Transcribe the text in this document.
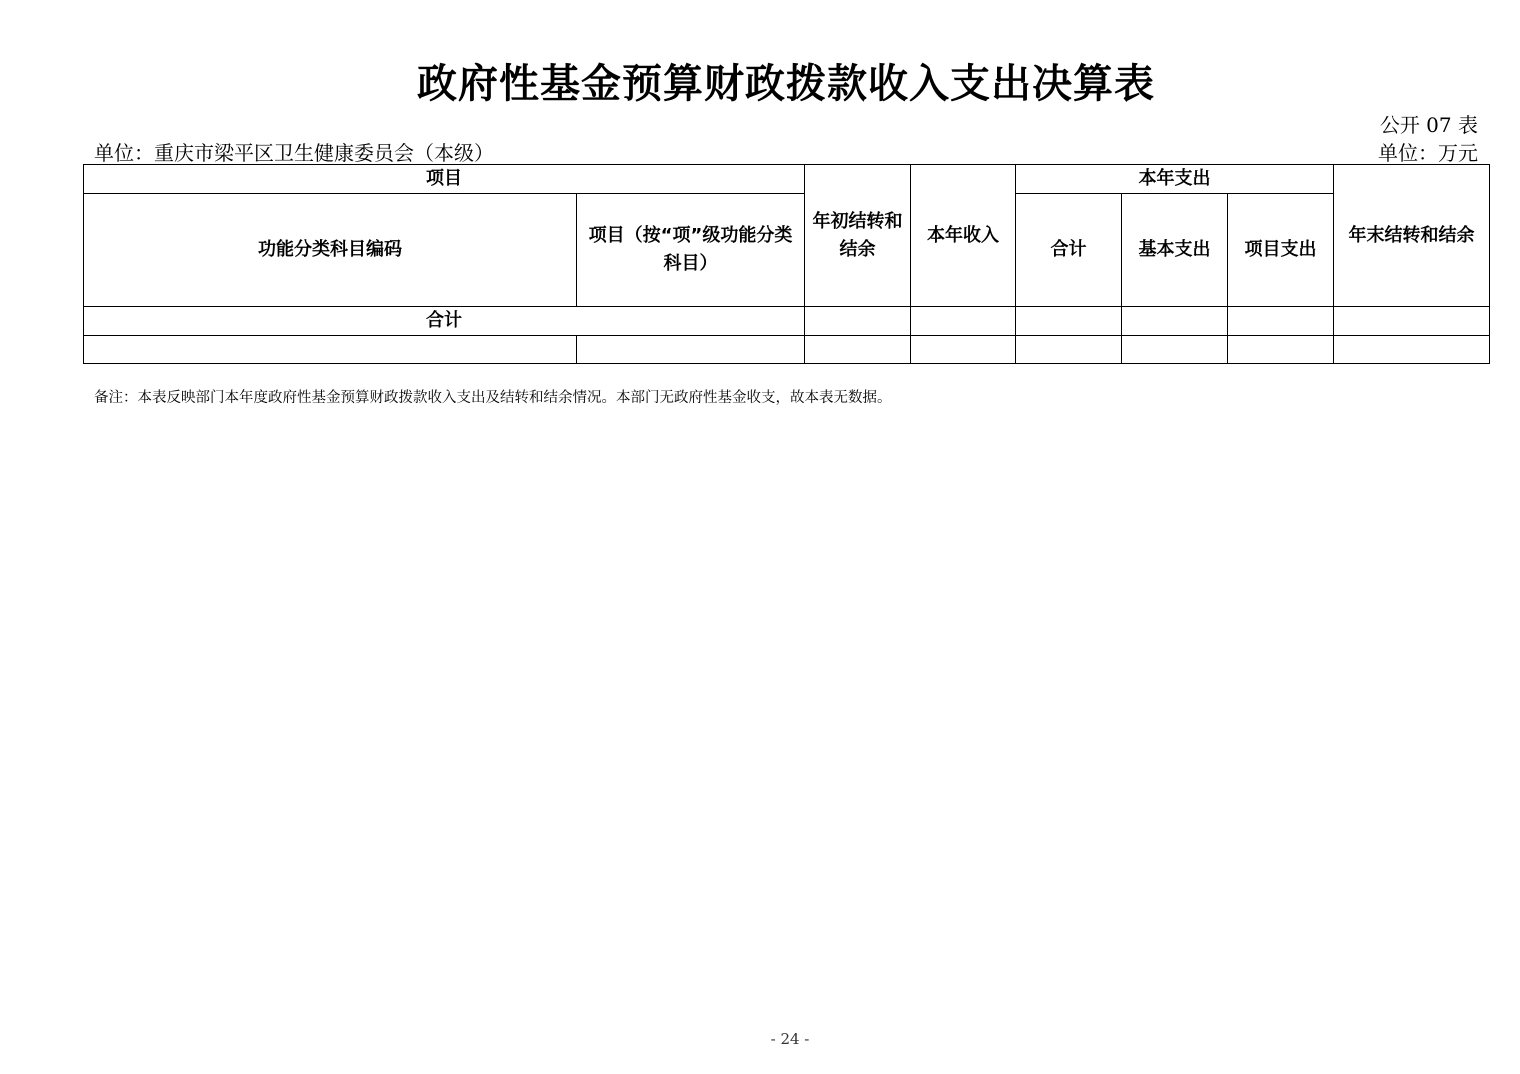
政府性基金预算财政拨款收入支出决算表
公开 07 表
单位：重庆市梁平区卫生健康委员会（本级）	单位：万元
项目		年初结转和结余	本年收入	本年支出			年末结转和结余
功能分类科目编码	项目（按“项”级功能分类科目）			合计	基本支出	项目支出	
合计							

备注：本表反映部门本年度政府性基金预算财政拨款收入支出及结转和结余情况。本部门无政府性基金收支，故本表无数据。
- 24 -
